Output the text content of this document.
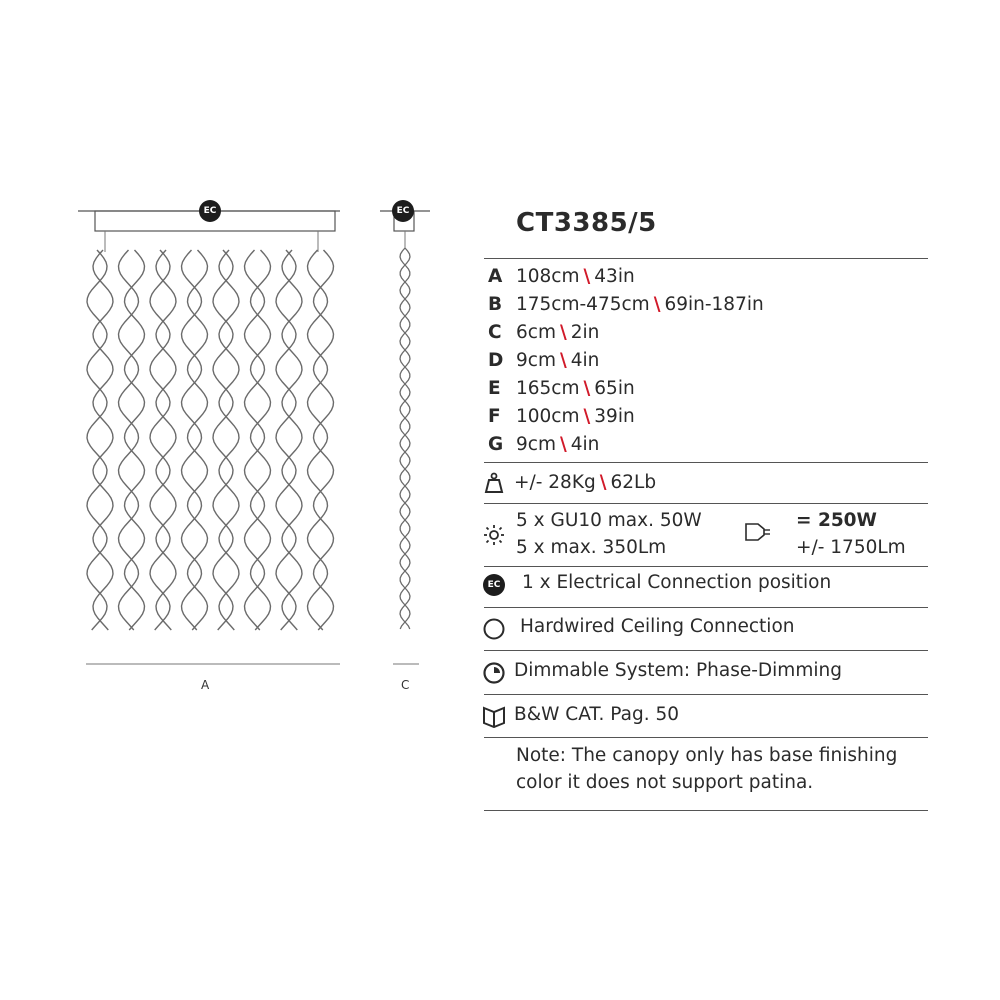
EC	EC
A	C
CT3385/5
A 108cm \ 43in
B 175cm-475cm \ 69in-187in
C 6cm \ 2in
D 9cm \ 4in
E 165cm \ 65in
F 100cm \ 39in
G 9cm \ 4in
+/- 28Kg \ 62Lb
5 x GU10 max. 50W
5 x max. 350Lm
= 250W
+/- 1750Lm
EC 1 x Electrical Connection position
Hardwired Ceiling Connection
Dimmable System: Phase-Dimming
B&W CAT. Pag. 50
Note: The canopy only has base finishing
color it does not support patina.
